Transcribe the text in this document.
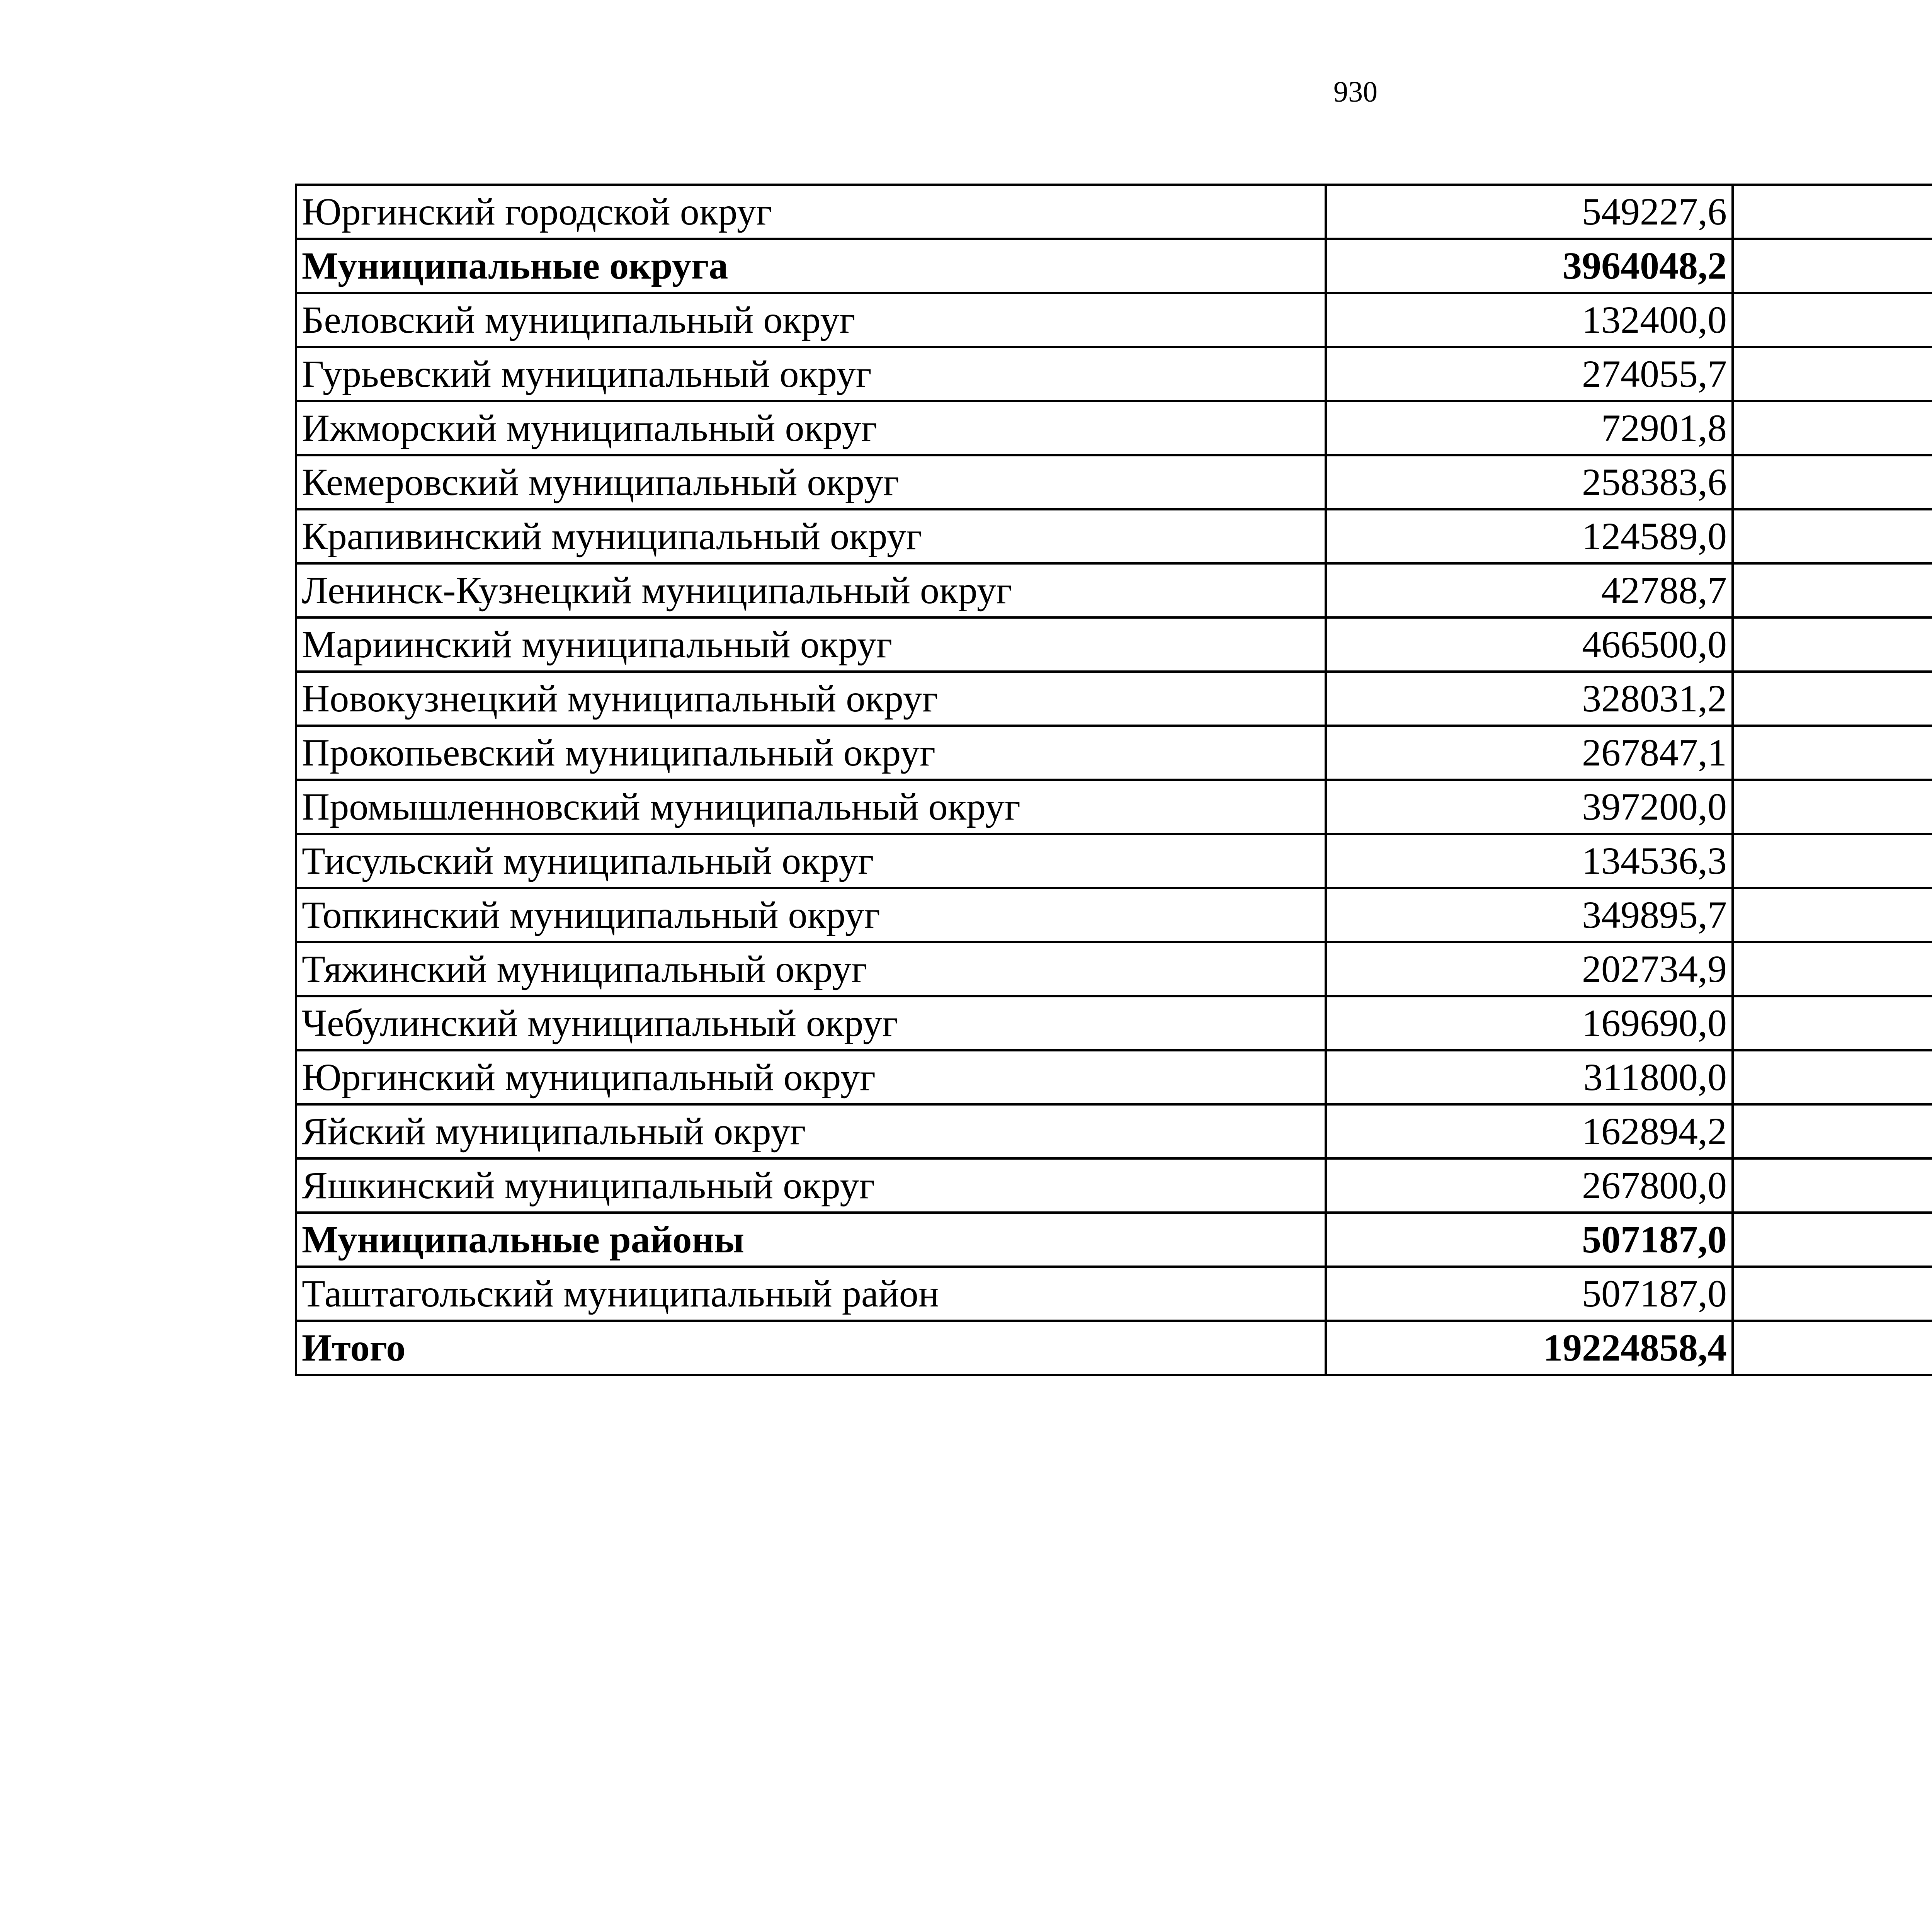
930
Юргинский городской округ	549227,6		
Муниципальные округа	3964048,2		
Беловский муниципальный округ	132400,0		
Гурьевский муниципальный округ	274055,7		
Ижморский муниципальный округ	72901,8		
Кемеровский муниципальный округ	258383,6		
Крапивинский муниципальный округ	124589,0		
Ленинск-Кузнецкий муниципальный округ	42788,7		
Мариинский муниципальный округ	466500,0		
Новокузнецкий муниципальный округ	328031,2		
Прокопьевский муниципальный округ	267847,1		
Промышленновский муниципальный округ	397200,0		
Тисульский муниципальный округ	134536,3		
Топкинский муниципальный округ	349895,7		
Тяжинский муниципальный округ	202734,9		
Чебулинский муниципальный округ	169690,0		
Юргинский муниципальный округ	311800,0		
Яйский муниципальный округ	162894,2		
Яшкинский муниципальный округ	267800,0		
Муниципальные районы	507187,0		
Таштагольский муниципальный район	507187,0		
Итого	19224858,4		
